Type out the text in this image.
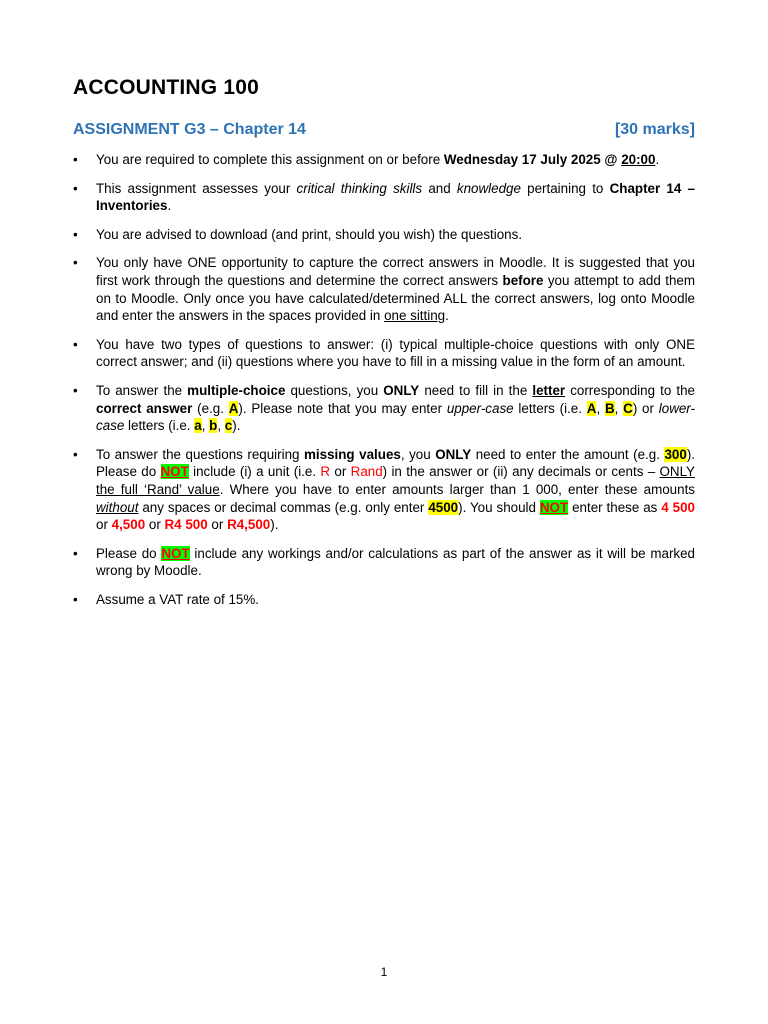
ACCOUNTING 100
ASSIGNMENT G3 – Chapter 14	[30 marks]
• You are required to complete this assignment on or before Wednesday 17 July 2025 @ 20:00.
• This assignment assesses your critical thinking skills and knowledge pertaining to Chapter 14 – Inventories.
• You are advised to download (and print, should you wish) the questions.
• You only have ONE opportunity to capture the correct answers in Moodle. It is suggested that you first work through the questions and determine the correct answers before you attempt to add them on to Moodle. Only once you have calculated/determined ALL the correct answers, log onto Moodle and enter the answers in the spaces provided in one sitting.
• You have two types of questions to answer: (i) typical multiple-choice questions with only ONE correct answer; and (ii) questions where you have to fill in a missing value in the form of an amount.
• To answer the multiple-choice questions, you ONLY need to fill in the letter corresponding to the correct answer (e.g. A). Please note that you may enter upper-case letters (i.e. A, B, C) or lower-case letters (i.e. a, b, c).
• To answer the questions requiring missing values, you ONLY need to enter the amount (e.g. 300). Please do NOT include (i) a unit (i.e. R or Rand) in the answer or (ii) any decimals or cents – ONLY the full ‘Rand’ value. Where you have to enter amounts larger than 1 000, enter these amounts without any spaces or decimal commas (e.g. only enter 4500). You should NOT enter these as 4 500 or 4,500 or R4 500 or R4,500).
• Please do NOT include any workings and/or calculations as part of the answer as it will be marked wrong by Moodle.
• Assume a VAT rate of 15%.
1
